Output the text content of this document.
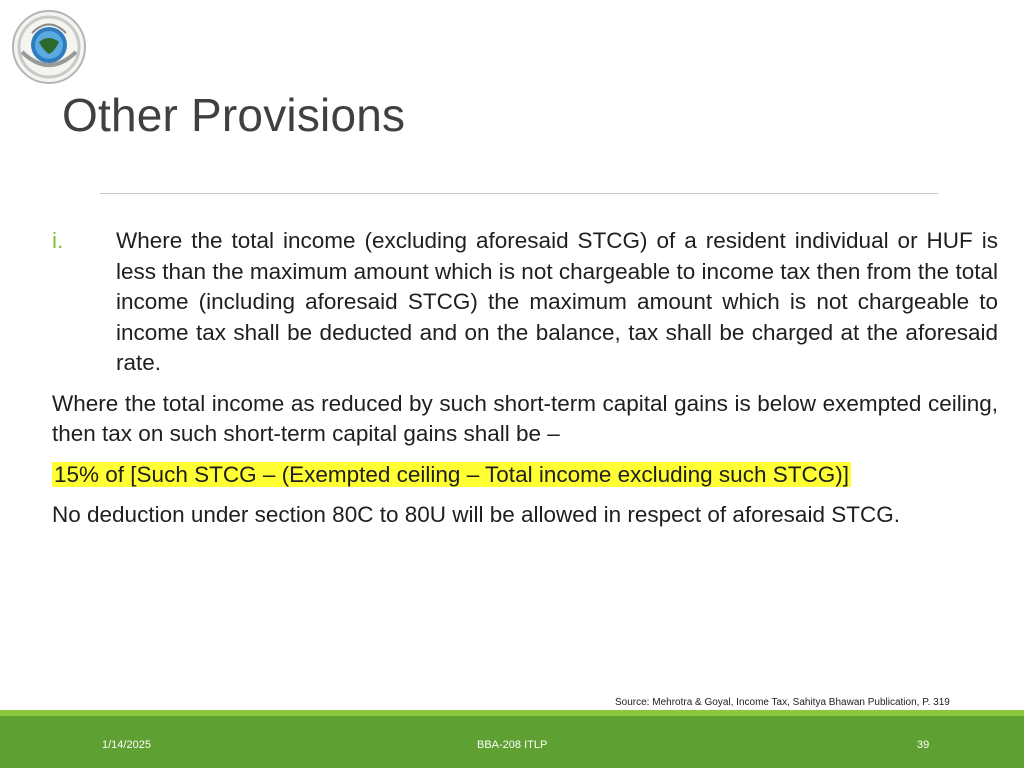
Other Provisions
i.	Where the total income (excluding aforesaid STCG) of a resident individual or HUF is less than the maximum amount which is not chargeable to income tax then from the total income (including aforesaid STCG) the maximum amount which is not chargeable to income tax shall be deducted and on the balance, tax shall be charged at the aforesaid rate.

Where the total income as reduced by such short-term capital gains is below exempted ceiling, then tax on such short-term capital gains shall be –

15% of [Such STCG – (Exempted ceiling – Total income excluding such STCG)]

No deduction under section 80C to 80U will be allowed in respect of aforesaid STCG.

Source: Mehrotra & Goyal, Income Tax, Sahitya Bhawan Publication, P. 319
1/14/2025	BBA-208 ITLP	39
